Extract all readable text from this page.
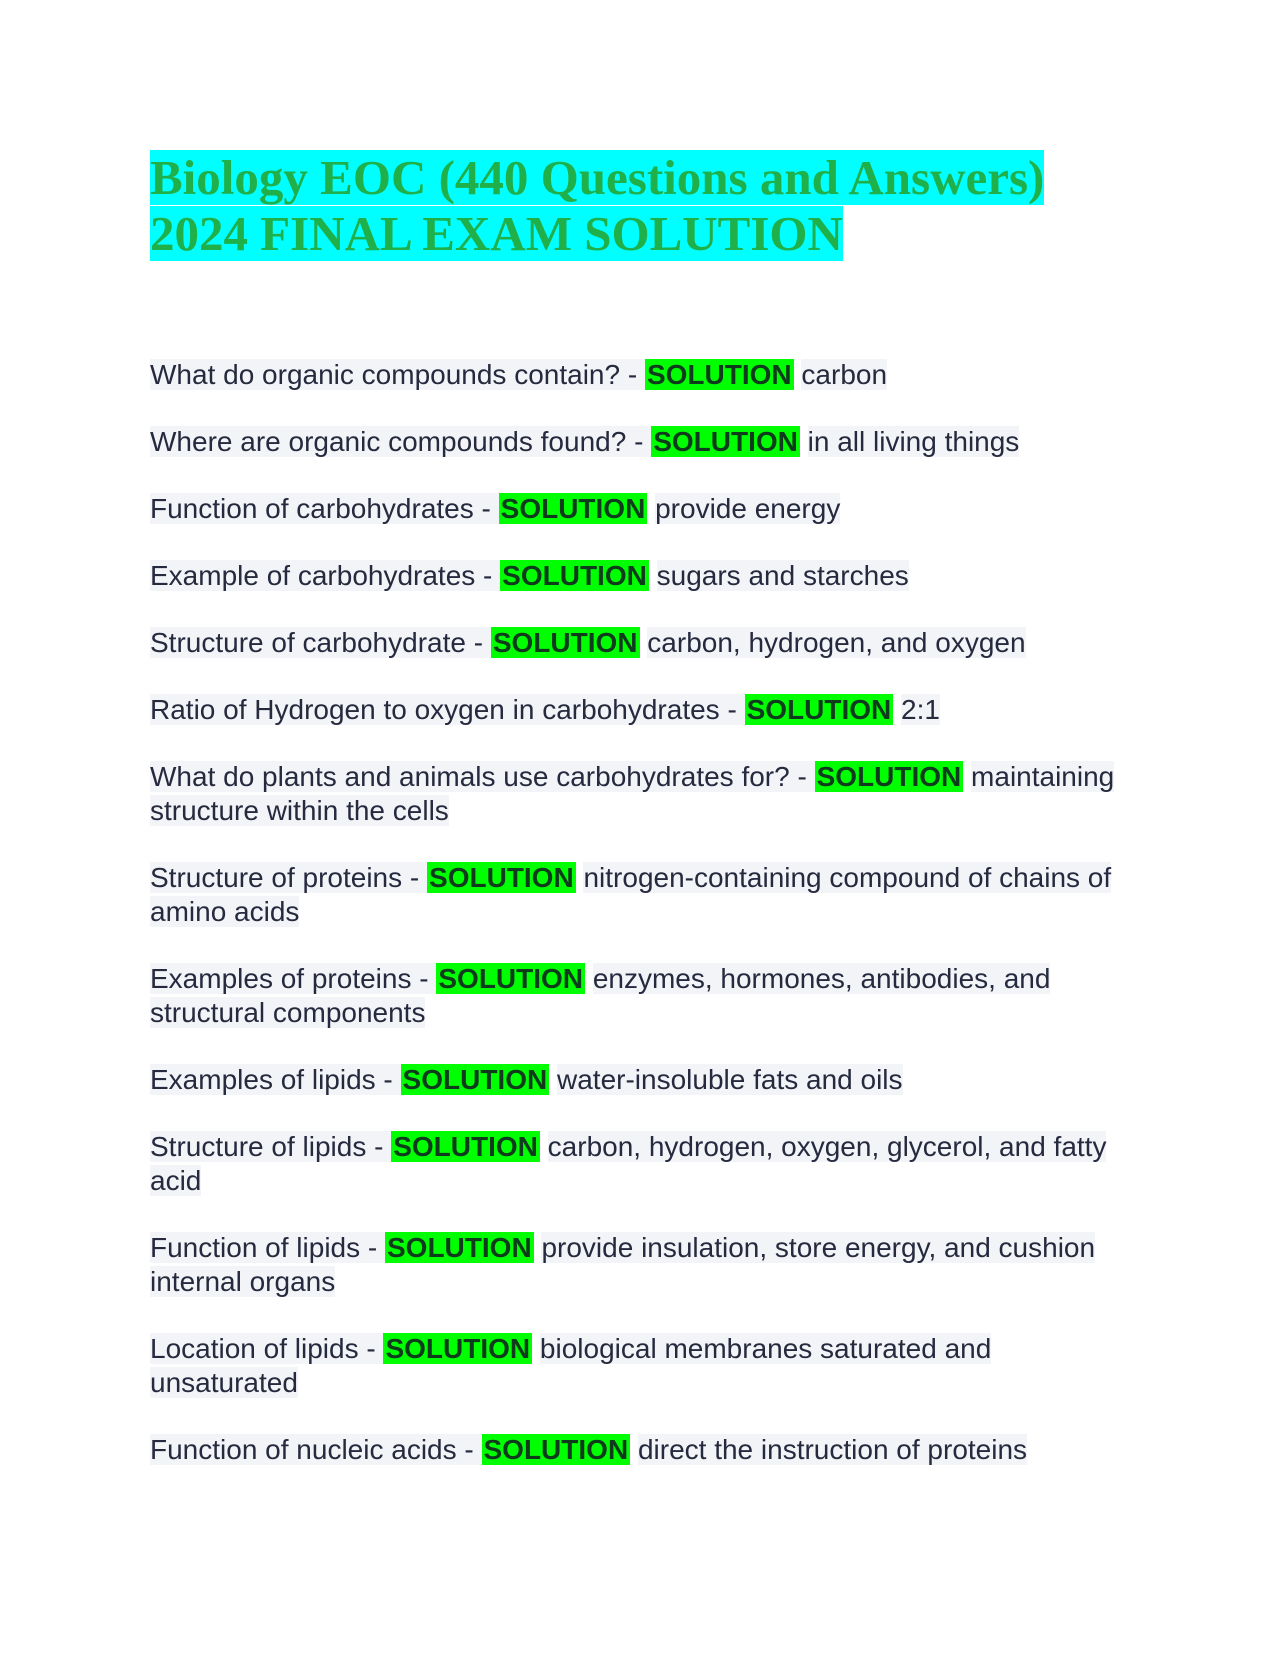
Biology EOC (440 Questions and Answers)
2024 FINAL EXAM SOLUTION

What do organic compounds contain? - SOLUTION carbon

Where are organic compounds found? - SOLUTION in all living things

Function of carbohydrates - SOLUTION provide energy

Example of carbohydrates - SOLUTION sugars and starches

Structure of carbohydrate - SOLUTION carbon, hydrogen, and oxygen

Ratio of Hydrogen to oxygen in carbohydrates - SOLUTION 2:1

What do plants and animals use carbohydrates for? - SOLUTION maintaining structure within the cells

Structure of proteins - SOLUTION nitrogen-containing compound of chains of amino acids

Examples of proteins - SOLUTION enzymes, hormones, antibodies, and structural components

Examples of lipids - SOLUTION water-insoluble fats and oils

Structure of lipids - SOLUTION carbon, hydrogen, oxygen, glycerol, and fatty acid

Function of lipids - SOLUTION provide insulation, store energy, and cushion internal organs

Location of lipids - SOLUTION biological membranes saturated and unsaturated

Function of nucleic acids - SOLUTION direct the instruction of proteins
